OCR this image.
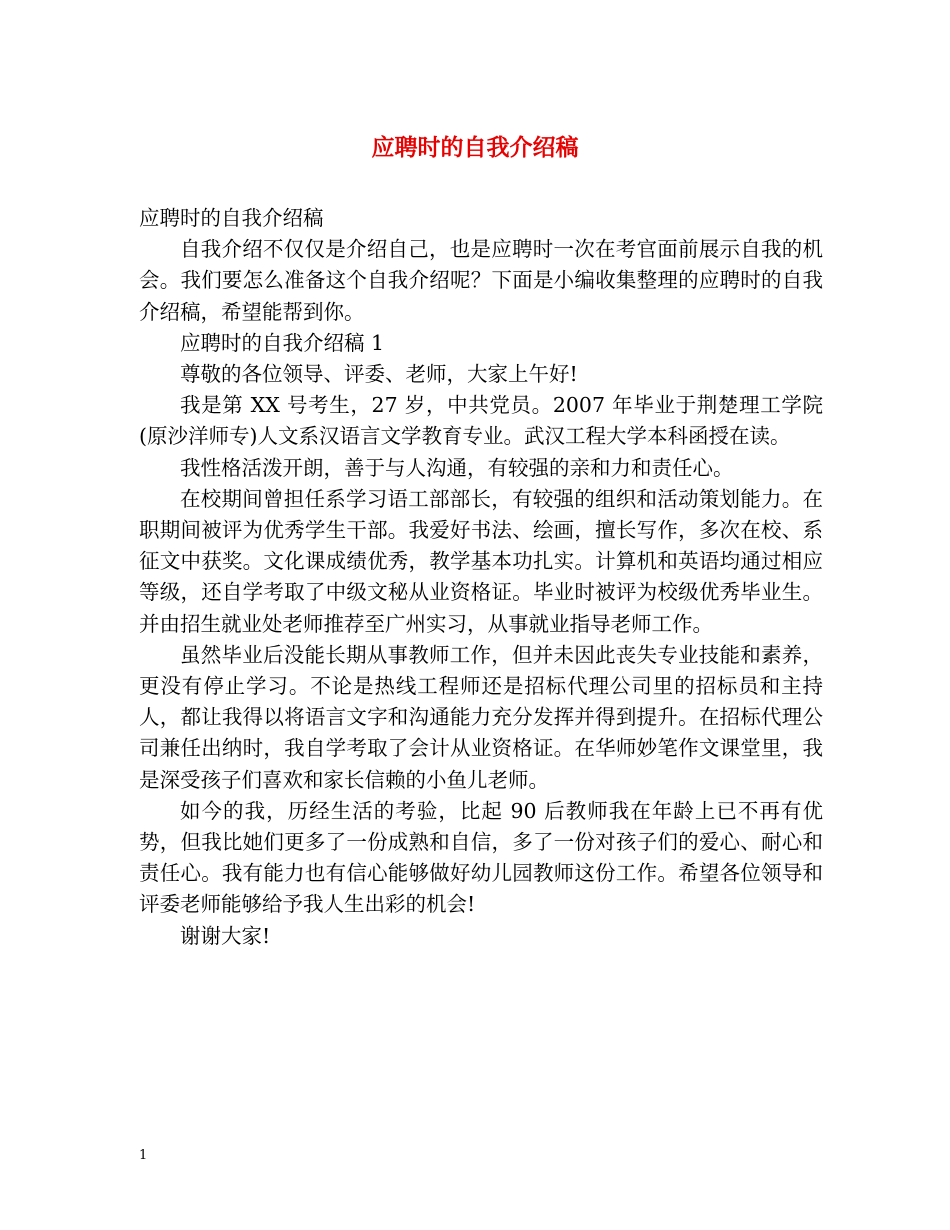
应聘时的自我介绍稿

应聘时的自我介绍稿

自我介绍不仅仅是介绍自己，也是应聘时一次在考官面前展示自我的机会。我们要怎么准备这个自我介绍呢？下面是小编收集整理的应聘时的自我介绍稿，希望能帮到你。

应聘时的自我介绍稿 1

尊敬的各位领导、评委、老师，大家上午好!

我是第 XX 号考生，27 岁，中共党员。2007 年毕业于荆楚理工学院(原沙洋师专)人文系汉语言文学教育专业。武汉工程大学本科函授在读。

我性格活泼开朗，善于与人沟通，有较强的亲和力和责任心。

在校期间曾担任系学习语工部部长，有较强的组织和活动策划能力。在职期间被评为优秀学生干部。我爱好书法、绘画，擅长写作，多次在校、系征文中获奖。文化课成绩优秀，教学基本功扎实。计算机和英语均通过相应等级，还自学考取了中级文秘从业资格证。毕业时被评为校级优秀毕业生。并由招生就业处老师推荐至广州实习，从事就业指导老师工作。

虽然毕业后没能长期从事教师工作，但并未因此丧失专业技能和素养，更没有停止学习。不论是热线工程师还是招标代理公司里的招标员和主持人，都让我得以将语言文字和沟通能力充分发挥并得到提升。在招标代理公司兼任出纳时，我自学考取了会计从业资格证。在华师妙笔作文课堂里，我是深受孩子们喜欢和家长信赖的小鱼儿老师。

如今的我，历经生活的考验，比起 90 后教师我在年龄上已不再有优势，但我比她们更多了一份成熟和自信，多了一份对孩子们的爱心、耐心和责任心。我有能力也有信心能够做好幼儿园教师这份工作。希望各位领导和评委老师能够给予我人生出彩的机会!

谢谢大家!

1
